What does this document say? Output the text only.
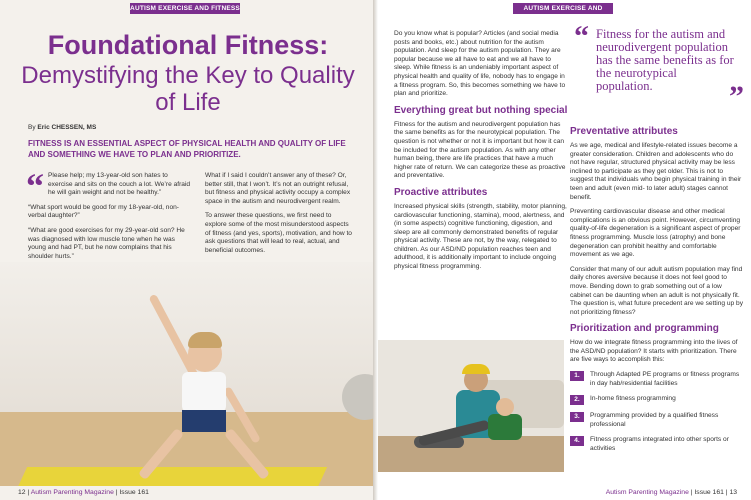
AUTISM EXERCISE AND FITNESS
Foundational Fitness:
Demystifying the Key to Quality of Life
By Eric CHESSEN, MS
FITNESS IS AN ESSENTIAL ASPECT OF PHYSICAL HEALTH AND QUALITY OF LIFE AND SOMETHING WE HAVE TO PLAN AND PRIORITIZE.
“ Please help; my 13-year-old son hates to exercise and sits on the couch a lot. We’re afraid he will gain weight and not be healthy.”

“What sport would be good for my 18-year-old, non-verbal daughter?”

“What are good exercises for my 29-year-old son? He was diagnosed with low muscle tone when he was young and had PT, but he now complains that his shoulder hurts.”

What if I said I couldn’t answer any of these? Or, better still, that I won’t. It’s not an outright refusal, but fitness and physical activity occupy a complex space in the autism and neurodivergent realm.

To answer these questions, we first need to explore some of the most misunderstood aspects of fitness (and yes, sports), motivation, and how to ask questions that will lead to real, actual, and beneficial outcomes.

12 | Autism Parenting Magazine | Issue 161
AUTISM EXERCISE AND FITNESS

Do you know what is popular? Articles (and social media posts and books, etc.) about nutrition for the autism population. And sleep for the autism population. They are popular because we all have to eat and we all have to sleep. While fitness is an undeniably important aspect of physical health and quality of life, nobody has to engage in a fitness program. So, this becomes something we have to plan and prioritize.

Everything great but nothing special

Fitness for the autism and neurodivergent population has the same benefits as for the neurotypical population. The question is not whether or not it is important but how it can be included for the autism population. As with any other human being, there are life practices that have a much higher rate of return. We can categorize these as proactive and preventative.

Proactive attributes

Increased physical skills (strength, stability, motor planning, cardiovascular functioning, stamina), mood, alertness, and (in some aspects) cognitive functioning, digestion, and sleep are all commonly demonstrated benefits of regular physical activity. These are not, by the way, relegated to children. As our ASD/ND population reaches teen and adulthood, it is additionally important to include ongoing physical fitness programming.

“ Fitness for the autism and neurodivergent population has the same benefits as for the neurotypical population.	”
Preventative attributes

As we age, medical and lifestyle-related issues become a greater consideration. Children and adolescents who do not have regular, structured physical activity may be less inclined to participate as they get older. This is not to suggest that individuals who begin physical training in their teen and adult (even mid- to later adult) stages cannot benefit.

Preventing cardiovascular disease and other medical complications is an obvious point. However, circumventing quality-of-life degeneration is a significant aspect of proper fitness programming. Muscle loss (atrophy) and bone degeneration can prohibit healthy and comfortable movement as we age.

Consider that many of our adult autism population may find daily chores aversive because it does not feel good to move. Bending down to grab something out of a low cabinet can be daunting when an adult is not physically fit. The question is, what future precedent are we setting up by not prioritizing fitness?

Prioritization and programming

How do we integrate fitness programming into the lives of the ASD/ND population? It starts with prioritization. There are five ways to accomplish this:

1.	Through Adapted PE programs or fitness programs in day hab/residential facilities
2.	In-home fitness programming
3.	Programming provided by a qualified fitness professional
4.	Fitness programs integrated into other sports or activities
Autism Parenting Magazine | Issue 161 | 13
